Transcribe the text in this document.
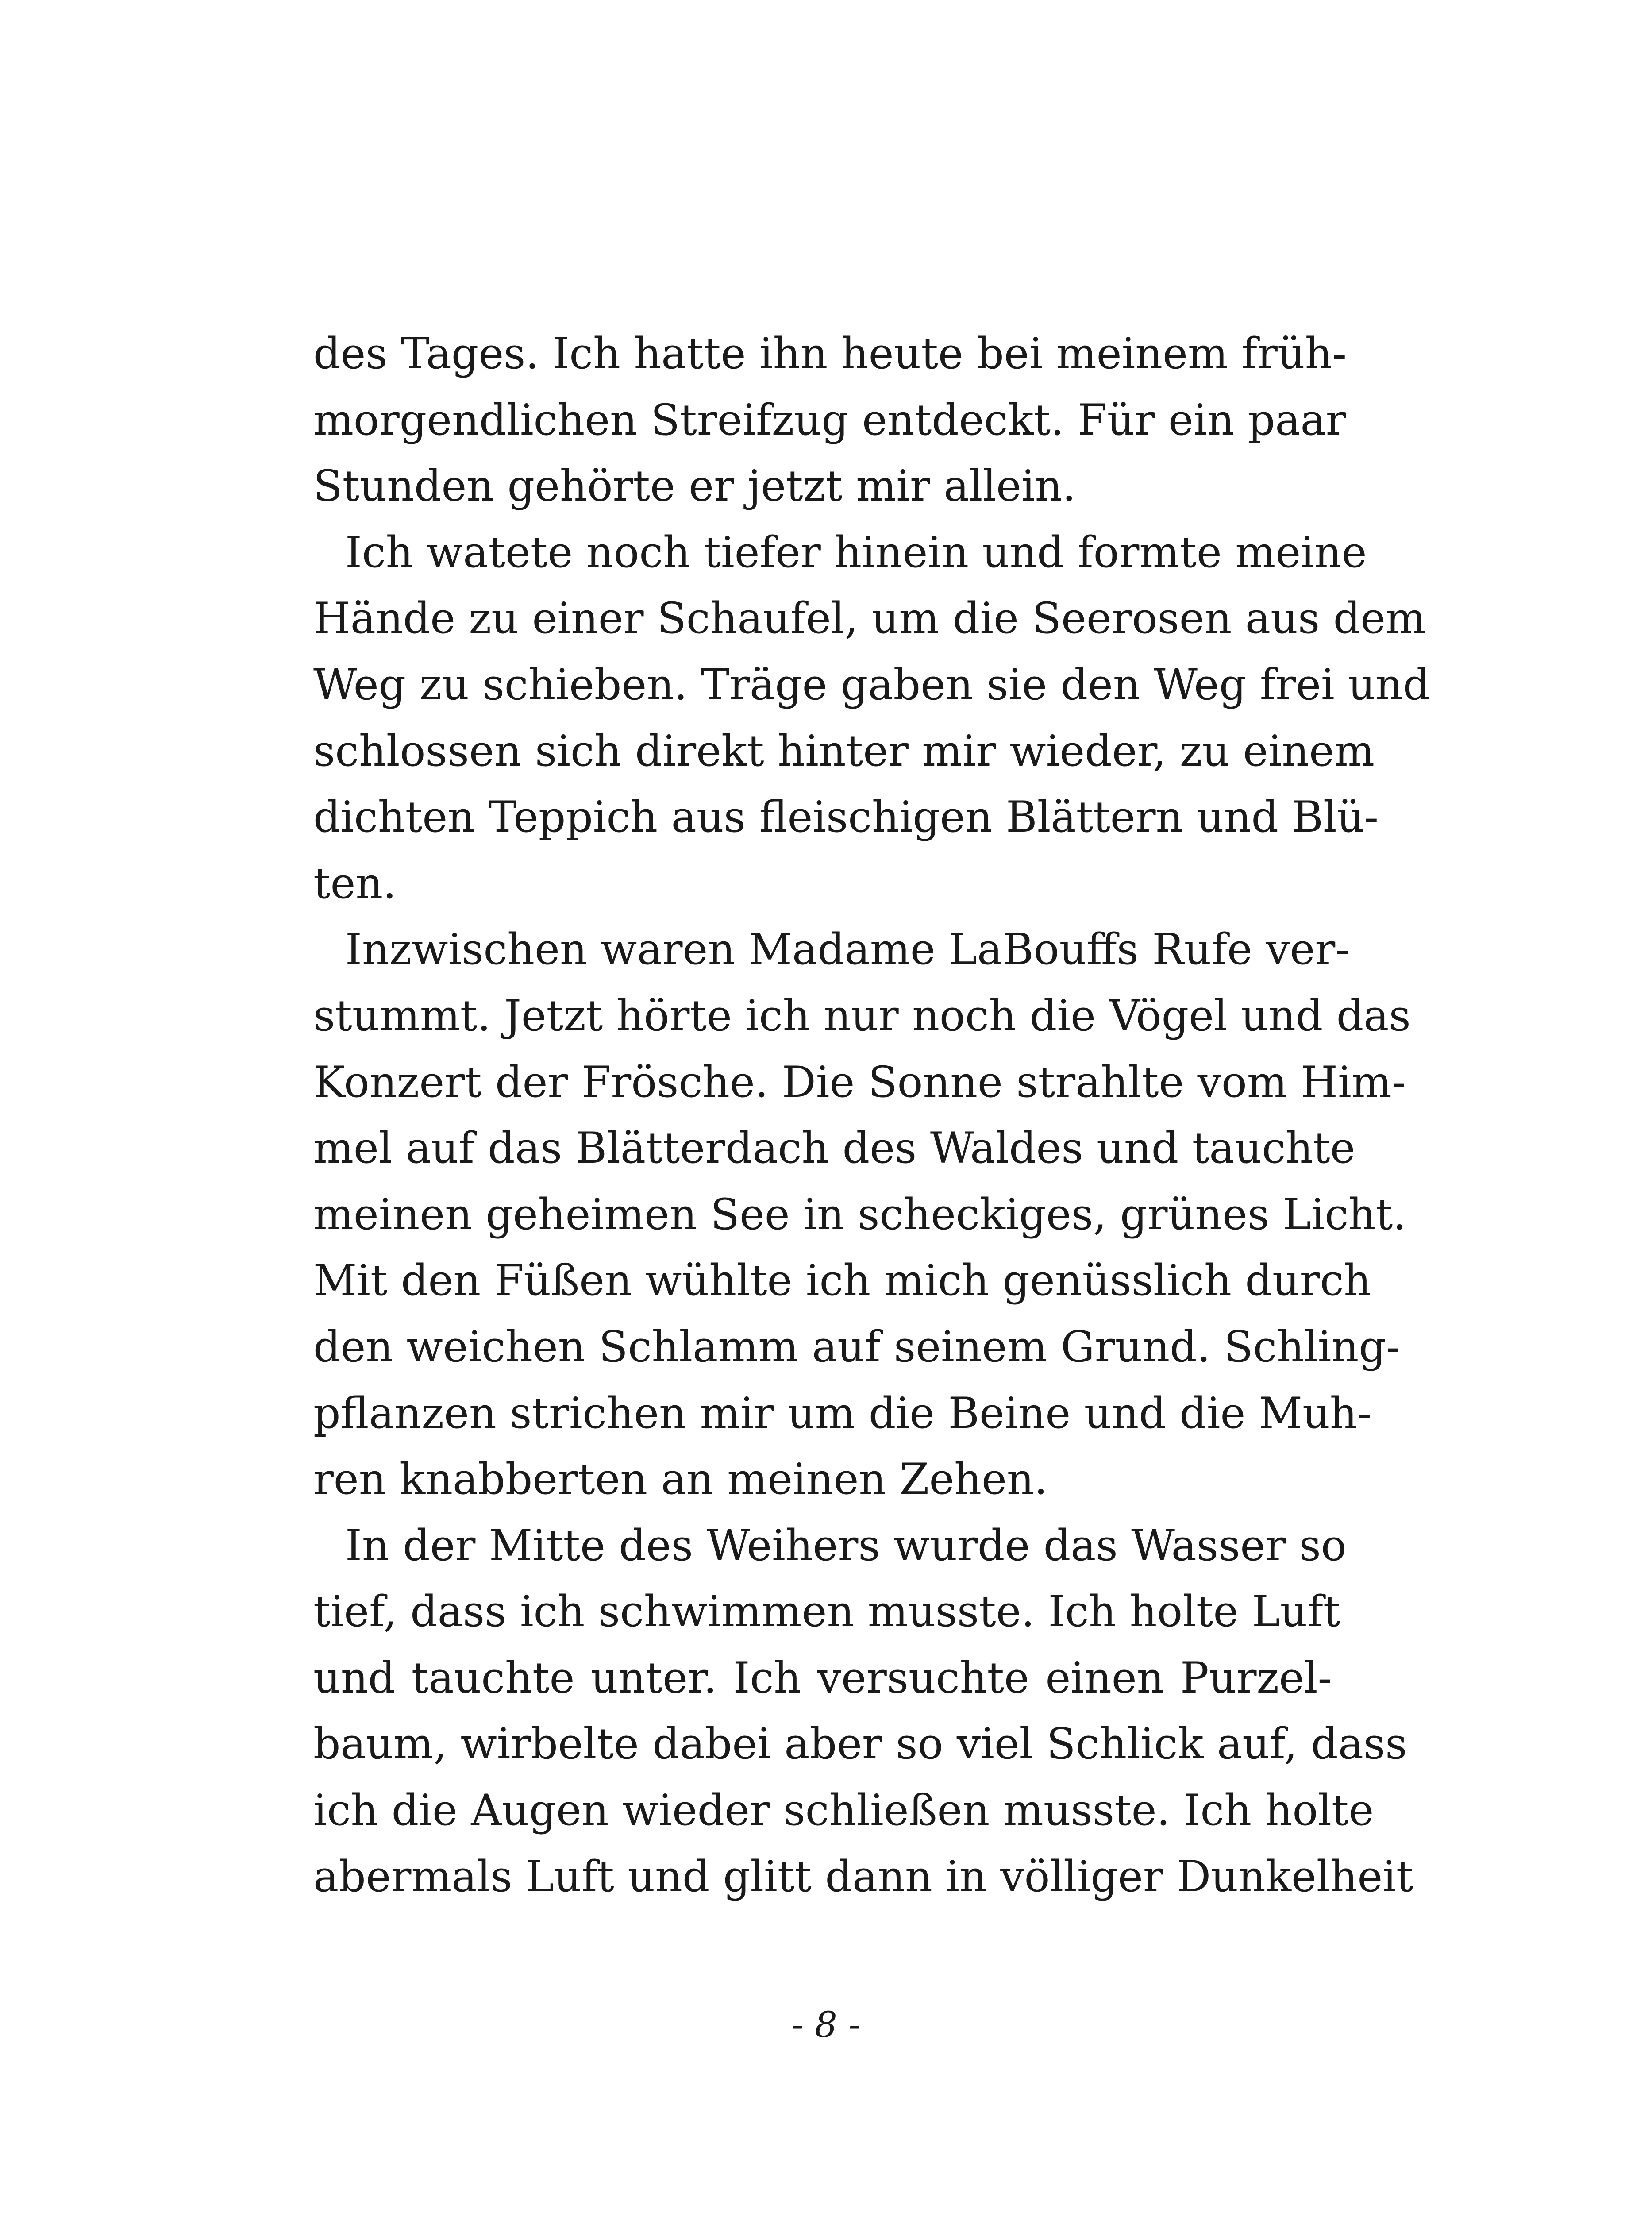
des Tages. Ich hatte ihn heute bei meinem früh-
morgendlichen Streifzug entdeckt. Für ein paar
Stunden gehörte er jetzt mir allein.
Ich watete noch tiefer hinein und formte meine
Hände zu einer Schaufel, um die Seerosen aus dem
Weg zu schieben. Träge gaben sie den Weg frei und
schlossen sich direkt hinter mir wieder, zu einem
dichten Teppich aus fleischigen Blättern und Blü-
ten.
Inzwischen waren Madame LaBouffs Rufe ver-
stummt. Jetzt hörte ich nur noch die Vögel und das
Konzert der Frösche. Die Sonne strahlte vom Him-
mel auf das Blätterdach des Waldes und tauchte
meinen geheimen See in scheckiges, grünes Licht.
Mit den Füßen wühlte ich mich genüsslich durch
den weichen Schlamm auf seinem Grund. Schling-
pflanzen strichen mir um die Beine und die Muh-
ren knabberten an meinen Zehen.
In der Mitte des Weihers wurde das Wasser so
tief, dass ich schwimmen musste. Ich holte Luft
und tauchte unter. Ich versuchte einen Purzel-
baum, wirbelte dabei aber so viel Schlick auf, dass
ich die Augen wieder schließen musste. Ich holte
abermals Luft und glitt dann in völliger Dunkelheit
- 8 -
